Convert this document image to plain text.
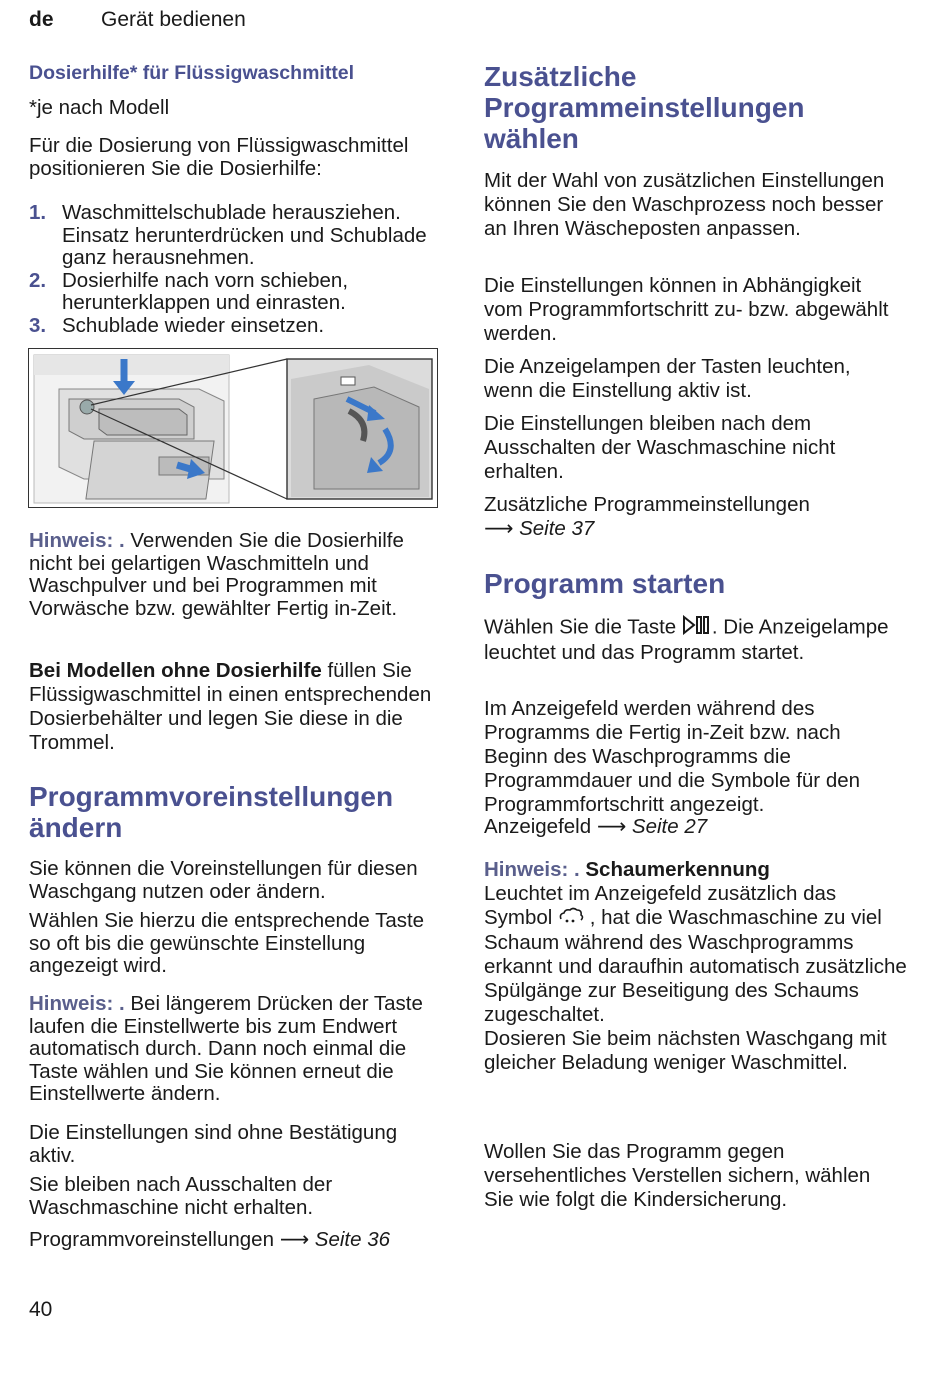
de Gerät bedienen
Dosierhilfe* für Flüssigwaschmittel

*je nach Modell

Für die Dosierung von Flüssigwaschmittel positionieren Sie die Dosierhilfe:

1. Waschmittelschublade herausziehen. Einsatz herunterdrücken und Schublade ganz herausnehmen.
2. Dosierhilfe nach vorn schieben, herunterklappen und einrasten.
3. Schublade wieder einsetzen.

Hinweis: . Verwenden Sie die Dosierhilfe nicht bei gelartigen Waschmitteln und Waschpulver und bei Programmen mit Vorwäsche bzw. gewählter Fertig in-Zeit.

Bei Modellen ohne Dosierhilfe füllen Sie Flüssigwaschmittel in einen entsprechenden Dosierbehälter und legen Sie diese in die Trommel.

Programmvoreinstellungen ändern

Sie können die Voreinstellungen für diesen Waschgang nutzen oder ändern.

Wählen Sie hierzu die entsprechende Taste so oft bis die gewünschte Einstellung angezeigt wird.

Hinweis: . Bei längerem Drücken der Taste laufen die Einstellwerte bis zum Endwert automatisch durch. Dann noch einmal die Taste wählen und Sie können erneut die Einstellwerte ändern.

Die Einstellungen sind ohne Bestätigung aktiv.

Sie bleiben nach Ausschalten der Waschmaschine nicht erhalten.

Programmvoreinstellungen ⟶ Seite 36

Zusätzliche Programmeinstellungen wählen

Mit der Wahl von zusätzlichen Einstellungen können Sie den Waschprozess noch besser an Ihren Wäscheposten anpassen.

Die Einstellungen können in Abhängigkeit vom Programmfortschritt zu- bzw. abgewählt werden.

Die Anzeigelampen der Tasten leuchten, wenn die Einstellung aktiv ist.

Die Einstellungen bleiben nach dem Ausschalten der Waschmaschine nicht erhalten.

Zusätzliche Programmeinstellungen
⟶ Seite 37

Programm starten

Wählen Sie die Taste . Die Anzeigelampe leuchtet und das Programm startet.

Im Anzeigefeld werden während des Programms die Fertig in-Zeit bzw. nach Beginn des Waschprogramms die Programmdauer und die Symbole für den Programmfortschritt angezeigt.

Anzeigefeld ⟶ Seite 27

Hinweis: . Schaumerkennung
Leuchtet im Anzeigefeld zusätzlich das Symbol  , hat die Waschmaschine zu viel Schaum während des Waschprogramms erkannt und daraufhin automatisch zusätzliche Spülgänge zur Beseitigung des Schaums zugeschaltet.
Dosieren Sie beim nächsten Waschgang mit gleicher Beladung weniger Waschmittel.

Wollen Sie das Programm gegen versehentliches Verstellen sichern, wählen Sie wie folgt die Kindersicherung.

40
